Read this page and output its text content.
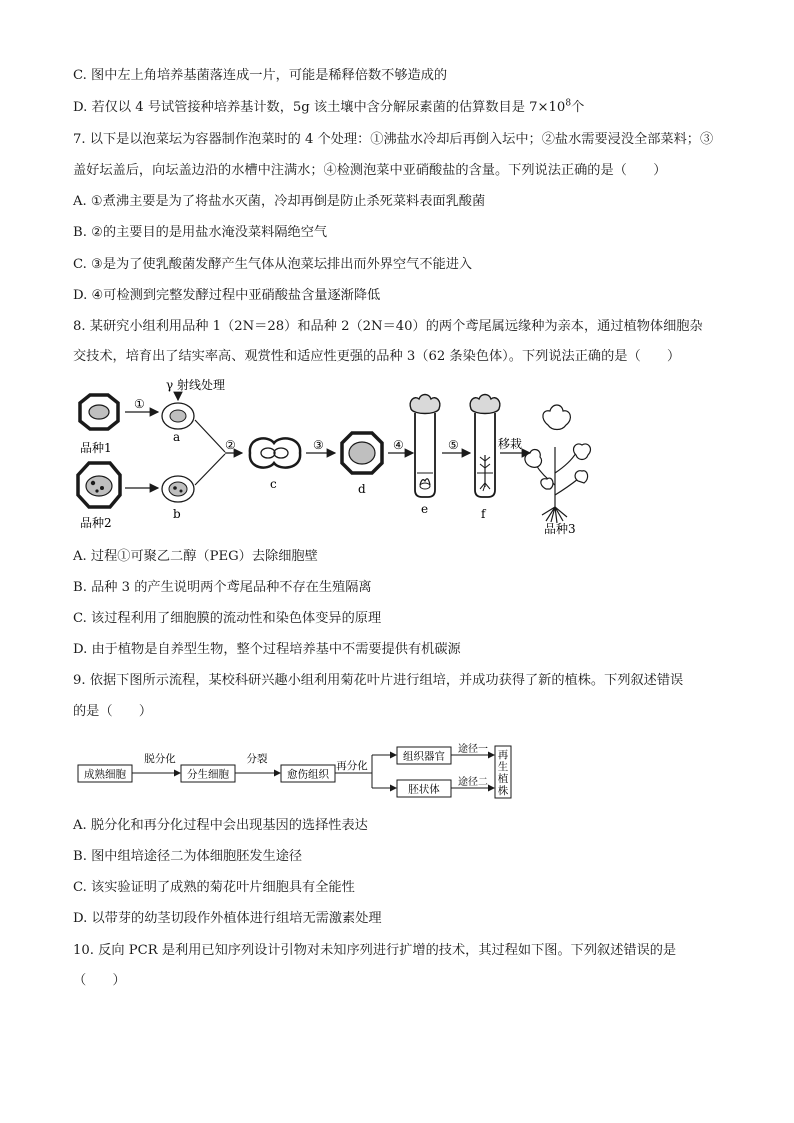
C. 图中左上角培养基菌落连成一片，可能是稀释倍数不够造成的
D. 若仅以 4 号试管接种培养基计数，5g 该土壤中含分解尿素菌的估算数目是 $7\times 10^8$个
7. 以下是以泡菜坛为容器制作泡菜时的 4 个处理：①沸盐水冷却后再倒入坛中；②盐水需要浸没全部菜料；③
盖好坛盖后，向坛盖边沿的水槽中注满水；④检测泡菜中亚硝酸盐的含量。下列说法正确的是（　　）
A. ①煮沸主要是为了将盐水灭菌，冷却再倒是防止杀死菜料表面乳酸菌
B. ②的主要目的是用盐水淹没菜料隔绝空气
C. ③是为了使乳酸菌发酵产生气体从泡菜坛排出而外界空气不能进入
D. ④可检测到完整发酵过程中亚硝酸盐含量逐渐降低
8. 某研究小组利用品种 1（2N＝28）和品种 2（2N＝40）的两个鸢尾属远缘种为亲本，通过植物体细胞杂
交技术，培育出了结实率高、观赏性和适应性更强的品种 3（62 条染色体）。下列说法正确的是（　　）
品种1
品种2
①
γ 射线处理
a
b
②
c
③
d
④
e
⑤
f
移栽
品种3
A. 过程①可聚乙二醇（PEG）去除细胞壁
B. 品种 3 的产生说明两个鸢尾品种不存在生殖隔离
C. 该过程利用了细胞膜的流动性和染色体变异的原理
D. 由于植物是自养型生物，整个过程培养基中不需要提供有机碳源
9. 依据下图所示流程，某校科研兴趣小组利用菊花叶片进行组培，并成功获得了新的植株。下列叙述错误
的是（　　）
成熟细胞
脱分化
分生细胞
分裂
愈伤组织
再分化
组织器官
胚状体
途径一
途径二
再
生
植
株
A. 脱分化和再分化过程中会出现基因的选择性表达
B. 图中组培途径二为体细胞胚发生途径
C. 该实验证明了成熟的菊花叶片细胞具有全能性
D. 以带芽的幼茎切段作外植体进行组培无需激素处理
10. 反向 PCR 是利用已知序列设计引物对未知序列进行扩增的技术，其过程如下图。下列叙述错误的是
（　　）
